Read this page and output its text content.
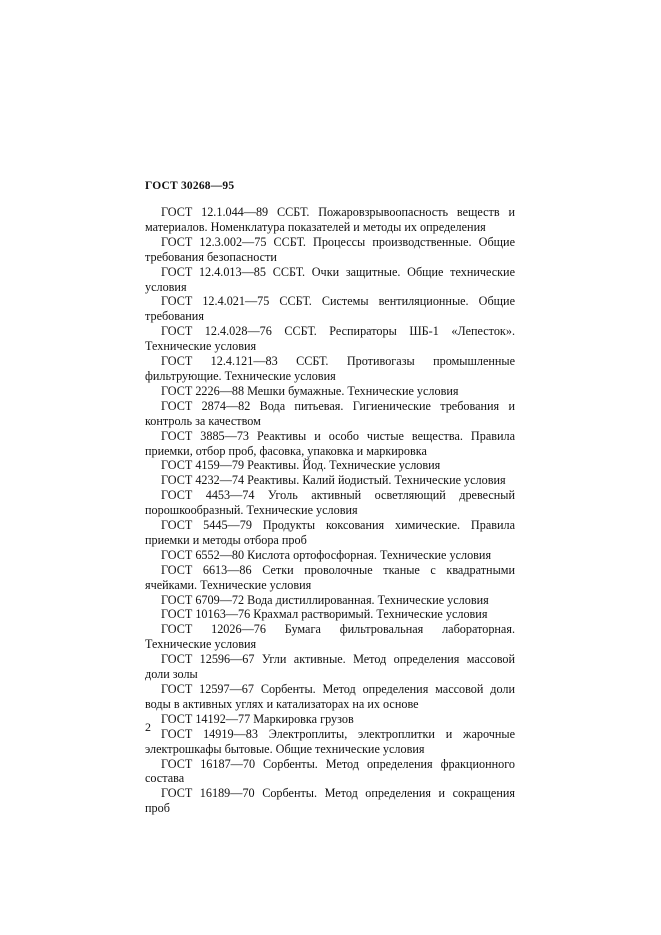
ГОСТ 30268—95

ГОСТ 12.1.044—89 ССБТ. Пожаровзрывоопасность веществ и материалов. Номенклатура показателей и методы их определения

ГОСТ 12.3.002—75 ССБТ. Процессы производственные. Общие требования безопасности

ГОСТ 12.4.013—85 ССБТ. Очки защитные. Общие технические условия

ГОСТ 12.4.021—75 ССБТ. Системы вентиляционные. Общие требования

ГОСТ 12.4.028—76 ССБТ. Респираторы ШБ-1 «Лепесток». Технические условия

ГОСТ 12.4.121—83 ССБТ. Противогазы промышленные фильтрующие. Технические условия

ГОСТ 2226—88 Мешки бумажные. Технические условия

ГОСТ 2874—82 Вода питьевая. Гигиенические требования и контроль за качеством

ГОСТ 3885—73 Реактивы и особо чистые вещества. Правила приемки, отбор проб, фасовка, упаковка и маркировка

ГОСТ 4159—79 Реактивы. Йод. Технические условия

ГОСТ 4232—74 Реактивы. Калий йодистый. Технические условия

ГОСТ 4453—74 Уголь активный осветляющий древесный порошкообразный. Технические условия

ГОСТ 5445—79 Продукты коксования химические. Правила приемки и методы отбора проб

ГОСТ 6552—80 Кислота ортофосфорная. Технические условия

ГОСТ 6613—86 Сетки проволочные тканые с квадратными ячейками. Технические условия

ГОСТ 6709—72 Вода дистиллированная. Технические условия

ГОСТ 10163—76 Крахмал растворимый. Технические условия

ГОСТ 12026—76 Бумага фильтровальная лабораторная. Технические условия

ГОСТ 12596—67 Угли активные. Метод определения массовой доли золы

ГОСТ 12597—67 Сорбенты. Метод определения массовой доли воды в активных углях и катализаторах на их основе

ГОСТ 14192—77 Маркировка грузов

ГОСТ 14919—83 Электроплиты, электроплитки и жарочные электрошкафы бытовые. Общие технические условия

ГОСТ 16187—70 Сорбенты. Метод определения фракционного состава

ГОСТ 16189—70 Сорбенты. Метод определения и сокращения проб

2
